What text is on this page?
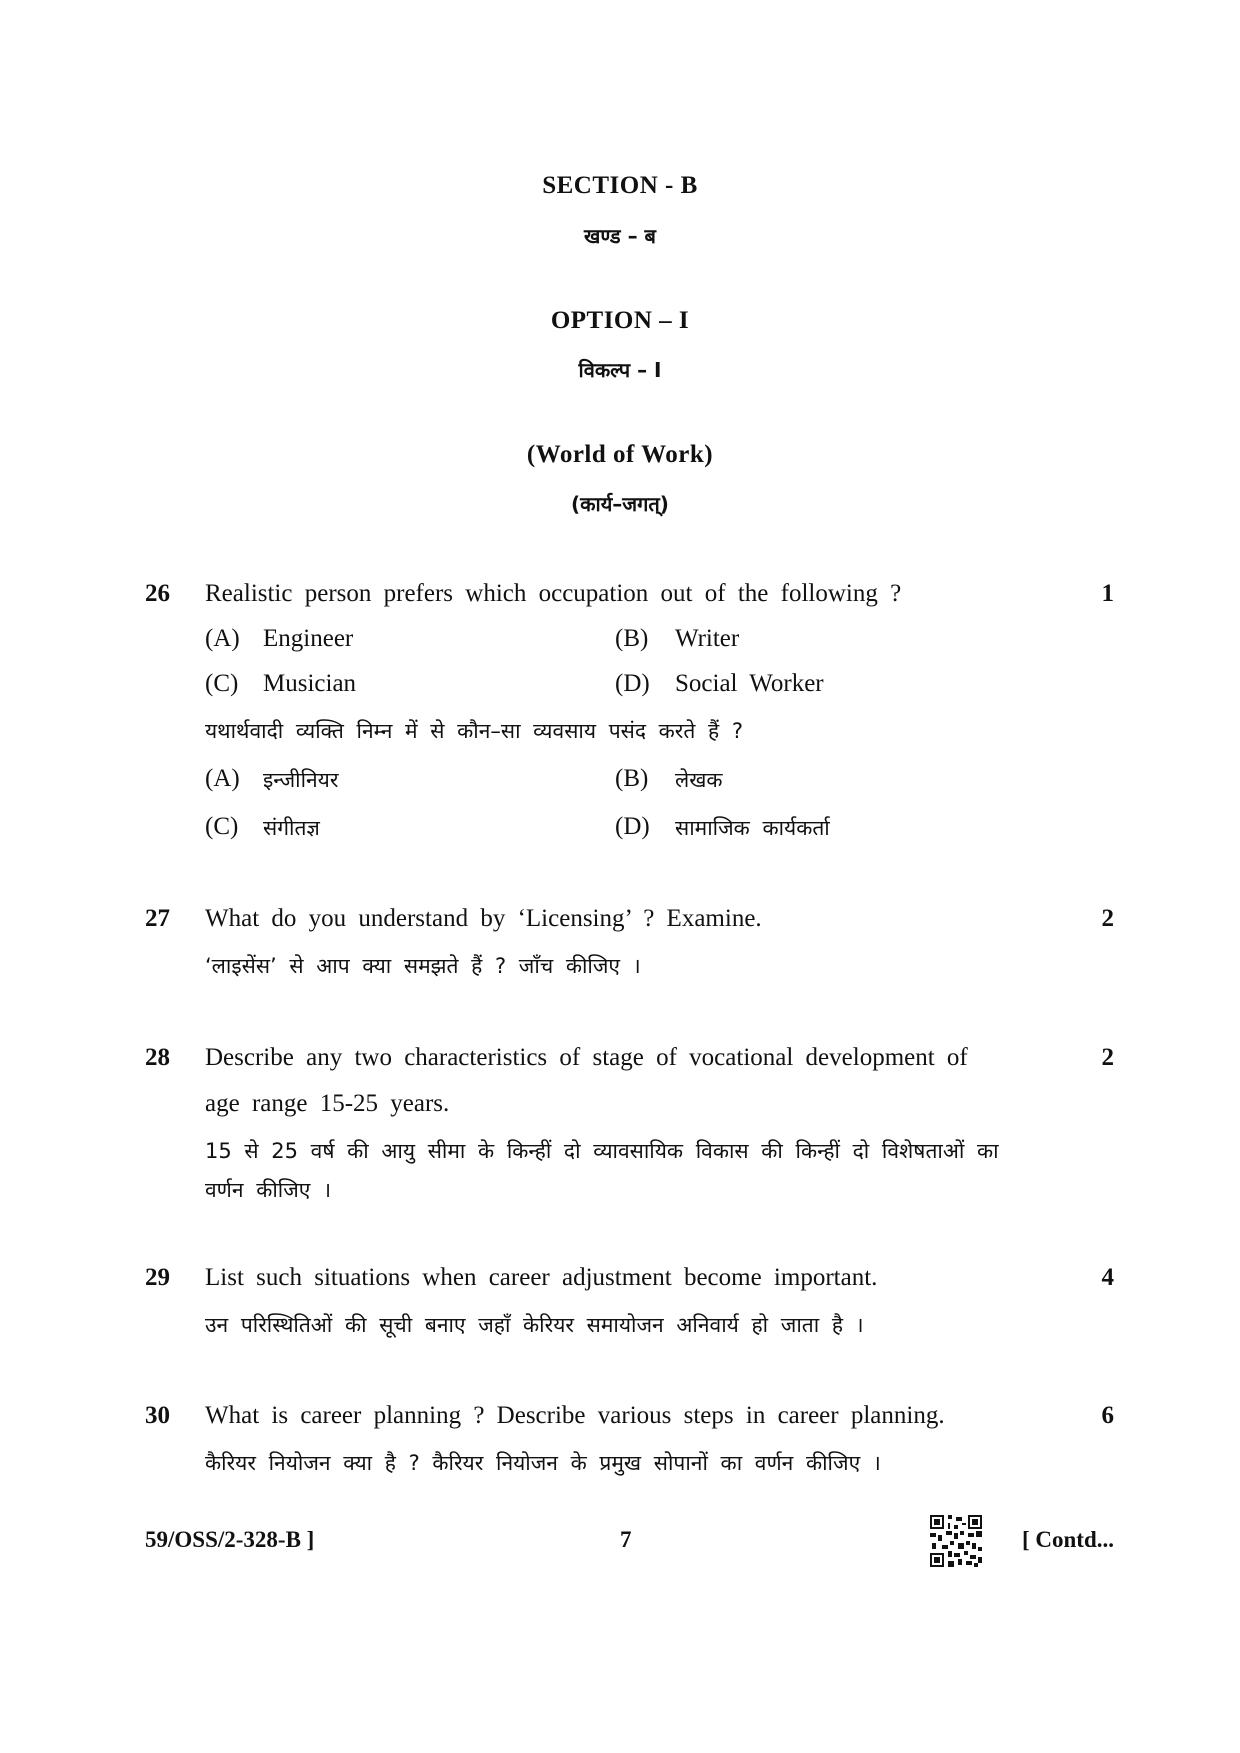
SECTION - B
खण्ड – ब
OPTION – I
विकल्प – I
(World of Work)
(कार्य–जगत्)
26 Realistic person prefers which occupation out of the following ?	1
(A) Engineer	(B) Writer
(C) Musician	(D) Social Worker
यथार्थवादी व्यक्ति निम्न में से कौन–सा व्यवसाय पसंद करते हैं ?
(A) इन्जीनियर	(B) लेखक
(C) संगीतज्ञ	(D) सामाजिक कार्यकर्ता
27 What do you understand by ‘Licensing’ ? Examine.	2
‘लाइसेंस’ से आप क्या समझते हैं ? जाँच कीजिए ।
28 Describe any two characteristics of stage of vocational development of	2
age range 15-25 years.
15 से 25 वर्ष की आयु सीमा के किन्हीं दो व्यावसायिक विकास की किन्हीं दो विशेषताओं का
वर्णन कीजिए ।
29 List such situations when career adjustment become important.	4
उन परिस्थितिओं की सूची बनाए जहाँ केरियर समायोजन अनिवार्य हो जाता है ।
30 What is career planning ? Describe various steps in career planning.	6
कैरियर नियोजन क्या है ? कैरियर नियोजन के प्रमुख सोपानों का वर्णन कीजिए ।
59/OSS/2-328-B ]	7	[ Contd...
